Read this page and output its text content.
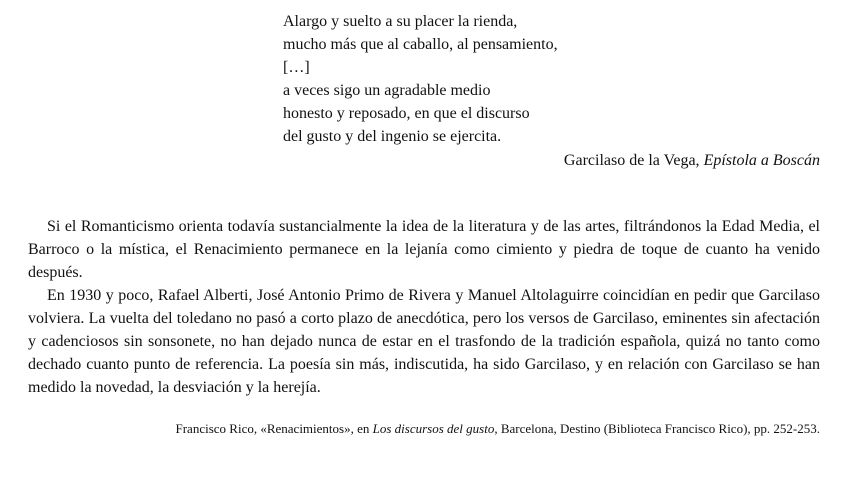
Alargo y suelto a su placer la rienda,
mucho más que al caballo, al pensamiento,
[…]
a veces sigo un agradable medio
honesto y reposado, en que el discurso
del gusto y del ingenio se ejercita.
Garcilaso de la Vega, Epístola a Boscán

Si el Romanticismo orienta todavía sustancialmente la idea de la literatura y de las artes, filtrándonos la Edad Media, el Barroco o la mística, el Renacimiento permanece en la lejanía como cimiento y piedra de toque de cuanto ha venido después.

En 1930 y poco, Rafael Alberti, José Antonio Primo de Rivera y Manuel Altolaguirre coincidían en pedir que Garcilaso volviera. La vuelta del toledano no pasó a corto plazo de anecdótica, pero los versos de Garcilaso, eminentes sin afectación y cadenciosos sin sonsonete, no han dejado nunca de estar en el trasfondo de la tradición española, quizá no tanto como dechado cuanto punto de referencia. La poesía sin más, indiscutida, ha sido Garcilaso, y en relación con Garcilaso se han medido la novedad, la desviación y la herejía.

Francisco Rico, «Renacimientos», en Los discursos del gusto, Barcelona, Destino (Biblioteca Francisco Rico), pp. 252-253.
